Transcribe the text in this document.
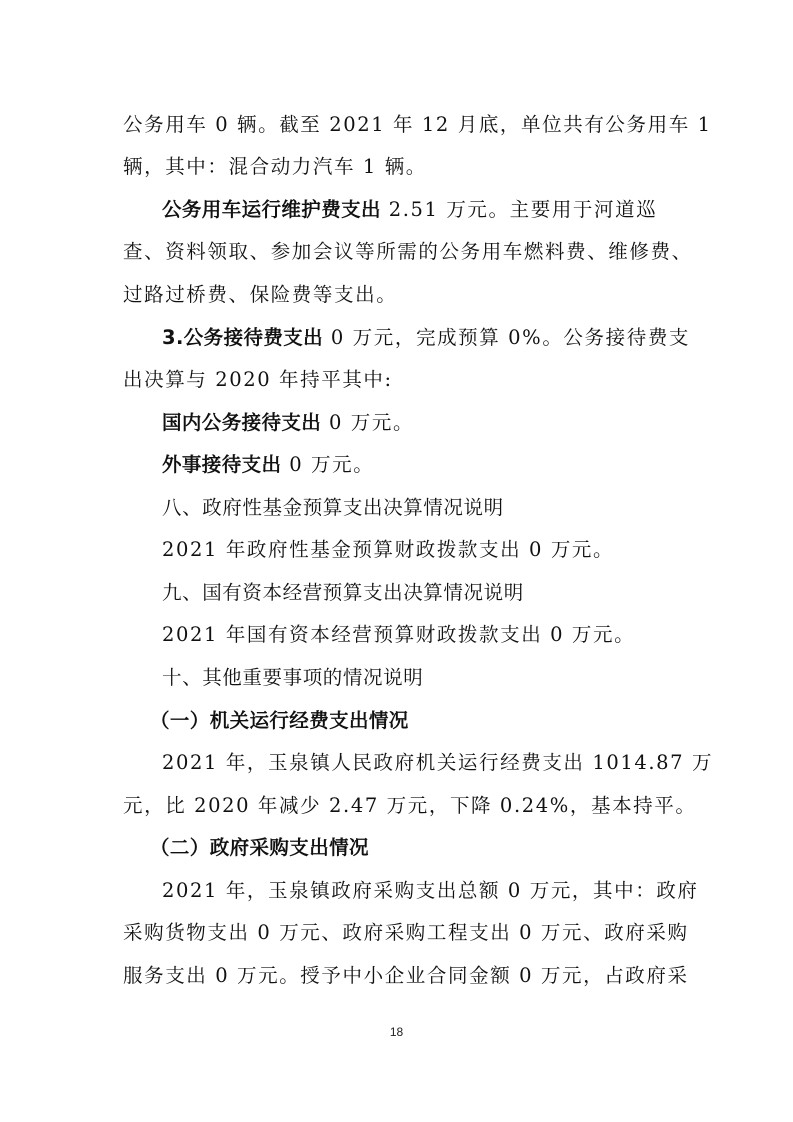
公务用车 0 辆。截至 2021 年 12 月底，单位共有公务用车 1
辆，其中：混合动力汽车 1 辆。
公务用车运行维护费支出 2.51 万元。主要用于河道巡
查、资料领取、参加会议等所需的公务用车燃料费、维修费、
过路过桥费、保险费等支出。
3.公务接待费支出 0 万元，完成预算 0%。公务接待费支
出决算与 2020 年持平其中:
国内公务接待支出 0 万元。
外事接待支出 0 万元。
八、政府性基金预算支出决算情况说明
2021 年政府性基金预算财政拨款支出 0 万元。
九、国有资本经营预算支出决算情况说明
2021 年国有资本经营预算财政拨款支出 0 万元。
十、其他重要事项的情况说明
（一）机关运行经费支出情况
2021 年，玉泉镇人民政府机关运行经费支出 1014.87 万
元，比 2020 年减少 2.47 万元，下降 0.24%，基本持平。
（二）政府采购支出情况
2021 年，玉泉镇政府采购支出总额 0 万元，其中：政府
采购货物支出 0 万元、政府采购工程支出 0 万元、政府采购
服务支出 0 万元。授予中小企业合同金额 0 万元，占政府采
18
